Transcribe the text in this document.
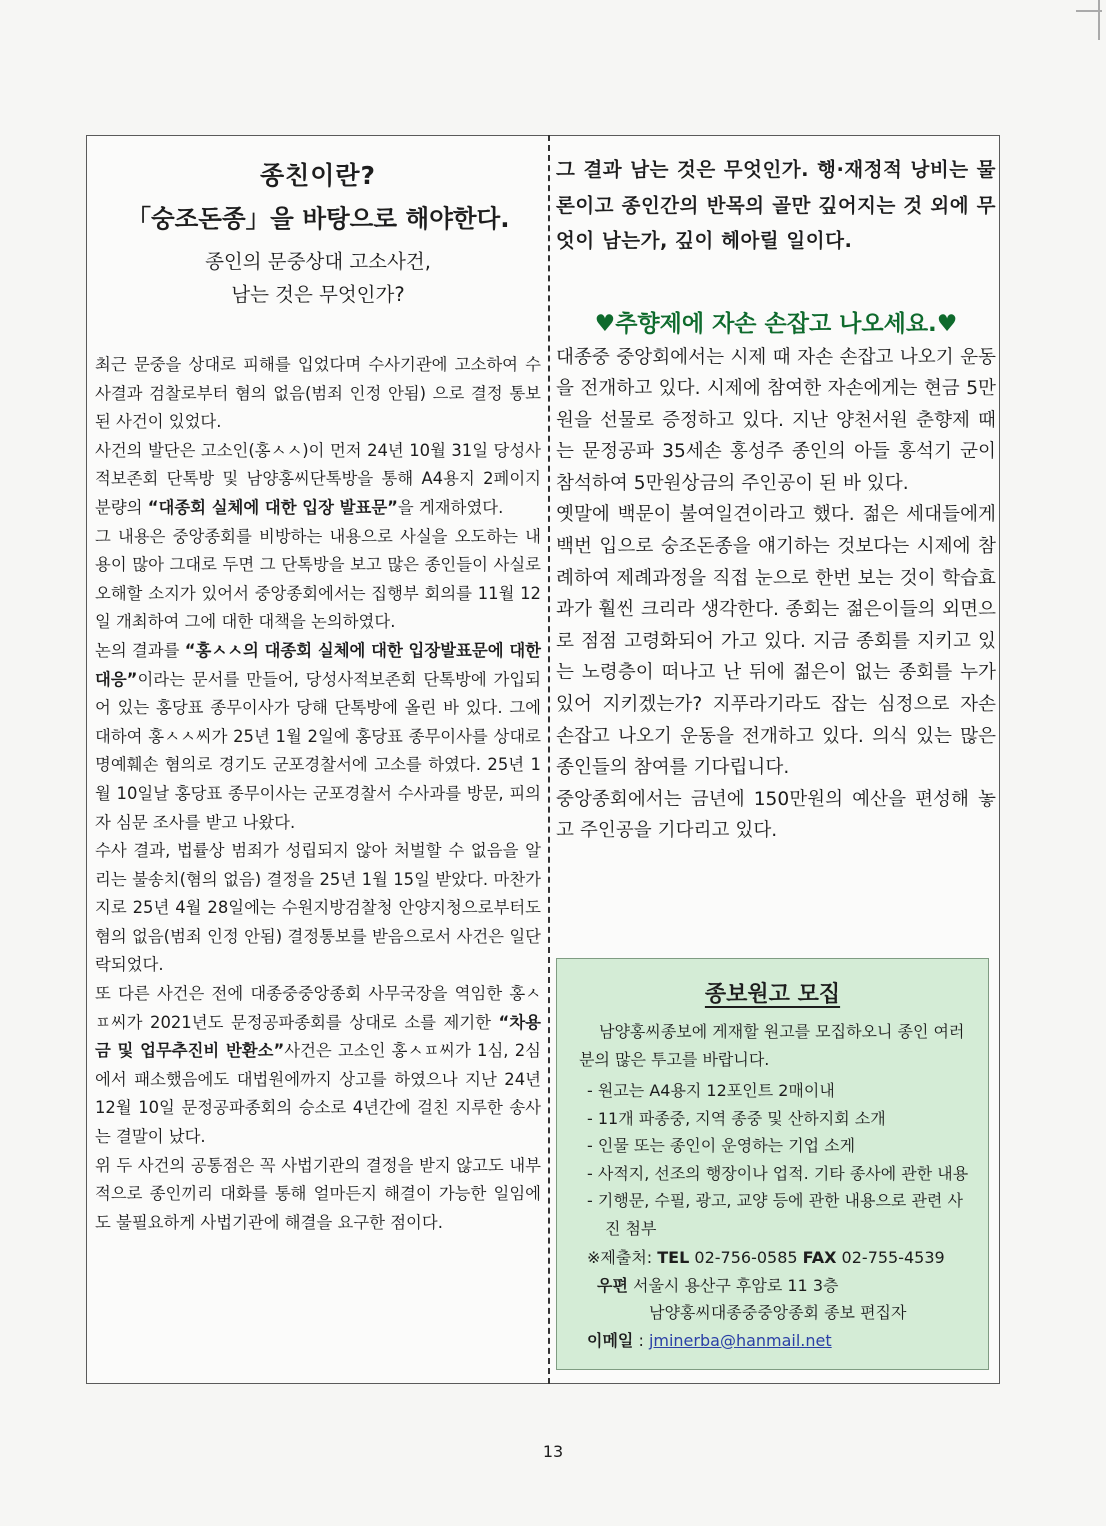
종친이란?
「숭조돈종」을 바탕으로 해야한다.

종인의 문중상대 고소사건,

남는 것은 무엇인가?

최근 문중을 상대로 피해를 입었다며 수사기관에 고소하여 수사결과 검찰로부터 혐의 없음(범죄 인정 안됨) 으로 결정 통보된 사건이 있었다.

사건의 발단은 고소인(홍ㅅㅅ)이 먼저 24년 10월 31일 당성사적보존회 단톡방 및 남양홍씨단톡방을 통해 A4용지 2페이지 분량의 “대종회 실체에 대한 입장 발표문”을 게재하였다.

그 내용은 중앙종회를 비방하는 내용으로 사실을 오도하는 내용이 많아 그대로 두면 그 단톡방을 보고 많은 종인들이 사실로 오해할 소지가 있어서 중앙종회에서는 집행부 회의를 11월 12일 개최하여 그에 대한 대책을 논의하였다.

논의 결과를 “홍ㅅㅅ의 대종회 실체에 대한 입장발표문에 대한 대응”이라는 문서를 만들어, 당성사적보존회 단톡방에 가입되어 있는 홍당표 종무이사가 당해 단톡방에 올린 바 있다. 그에 대하여 홍ㅅㅅ씨가 25년 1월 2일에 홍당표 종무이사를 상대로 명예훼손 혐의로 경기도 군포경찰서에 고소를 하였다. 25년 1월 10일날 홍당표 종무이사는 군포경찰서 수사과를 방문, 피의자 심문 조사를 받고 나왔다.

수사 결과, 법률상 범죄가 성립되지 않아 처벌할 수 없음을 알리는 불송치(혐의 없음) 결정을 25년 1월 15일 받았다. 마찬가지로 25년 4월 28일에는 수원지방검찰청 안양지청으로부터도 혐의 없음(범죄 인정 안됨) 결정통보를 받음으로서 사건은 일단락되었다.

또 다른 사건은 전에 대종중중앙종회 사무국장을 역임한 홍ㅅㅍ씨가 2021년도 문정공파종회를 상대로 소를 제기한 “차용금 및 업무추진비 반환소”사건은 고소인 홍ㅅㅍ씨가 1심, 2심에서 패소했음에도 대법원에까지 상고를 하였으나 지난 24년 12월 10일 문정공파종회의 승소로 4년간에 걸친 지루한 송사는 결말이 났다.

위 두 사건의 공통점은 꼭 사법기관의 결정을 받지 않고도 내부적으로 종인끼리 대화를 통해 얼마든지 해결이 가능한 일임에도 불필요하게 사법기관에 해결을 요구한 점이다.

그 결과 남는 것은 무엇인가. 행·재정적 낭비는 물론이고 종인간의 반목의 골만 깊어지는 것 외에 무엇이 남는가, 깊이 헤아릴 일이다.

♥추향제에 자손 손잡고 나오세요.♥

대종중 중앙회에서는 시제 때 자손 손잡고 나오기 운동을 전개하고 있다. 시제에 참여한 자손에게는 현금 5만원을 선물로 증정하고 있다. 지난 양천서원 춘향제 때는 문정공파 35세손 홍성주 종인의 아들 홍석기 군이 참석하여 5만원상금의 주인공이 된 바 있다.

옛말에 백문이 불여일견이라고 했다. 젊은 세대들에게 백번 입으로 숭조돈종을 얘기하는 것보다는 시제에 참례하여 제례과정을 직접 눈으로 한번 보는 것이 학습효과가 훨씬 크리라 생각한다. 종회는 젊은이들의 외면으로 점점 고령화되어 가고 있다. 지금 종회를 지키고 있는 노령층이 떠나고 난 뒤에 젊은이 없는 종회를 누가 있어 지키겠는가? 지푸라기라도 잡는 심정으로 자손 손잡고 나오기 운동을 전개하고 있다. 의식 있는 많은 종인들의 참여를 기다립니다.

중앙종회에서는 금년에 150만원의 예산을 편성해 놓고 주인공을 기다리고 있다.

종보원고 모집

남양홍씨종보에 게재할 원고를 모집하오니 종인 여러분의 많은 투고를 바랍니다.

- 원고는 A4용지 12포인트 2매이내
- 11개 파종중, 지역 종중 및 산하지회 소개
- 인물 또는 종인이 운영하는 기업 소게
- 사적지, 선조의 행장이나 업적. 기타 종사에 관한 내용
- 기행문, 수필, 광고, 교양 등에 관한 내용으로 관련 사진 첨부

※제출처: TEL 02-756-0585 FAX 02-755-4539

우편 서울시 용산구 후암로 11 3층

남양홍씨대종중중앙종회 종보 편집자

이메일 : jminerba@hanmail.net

13
